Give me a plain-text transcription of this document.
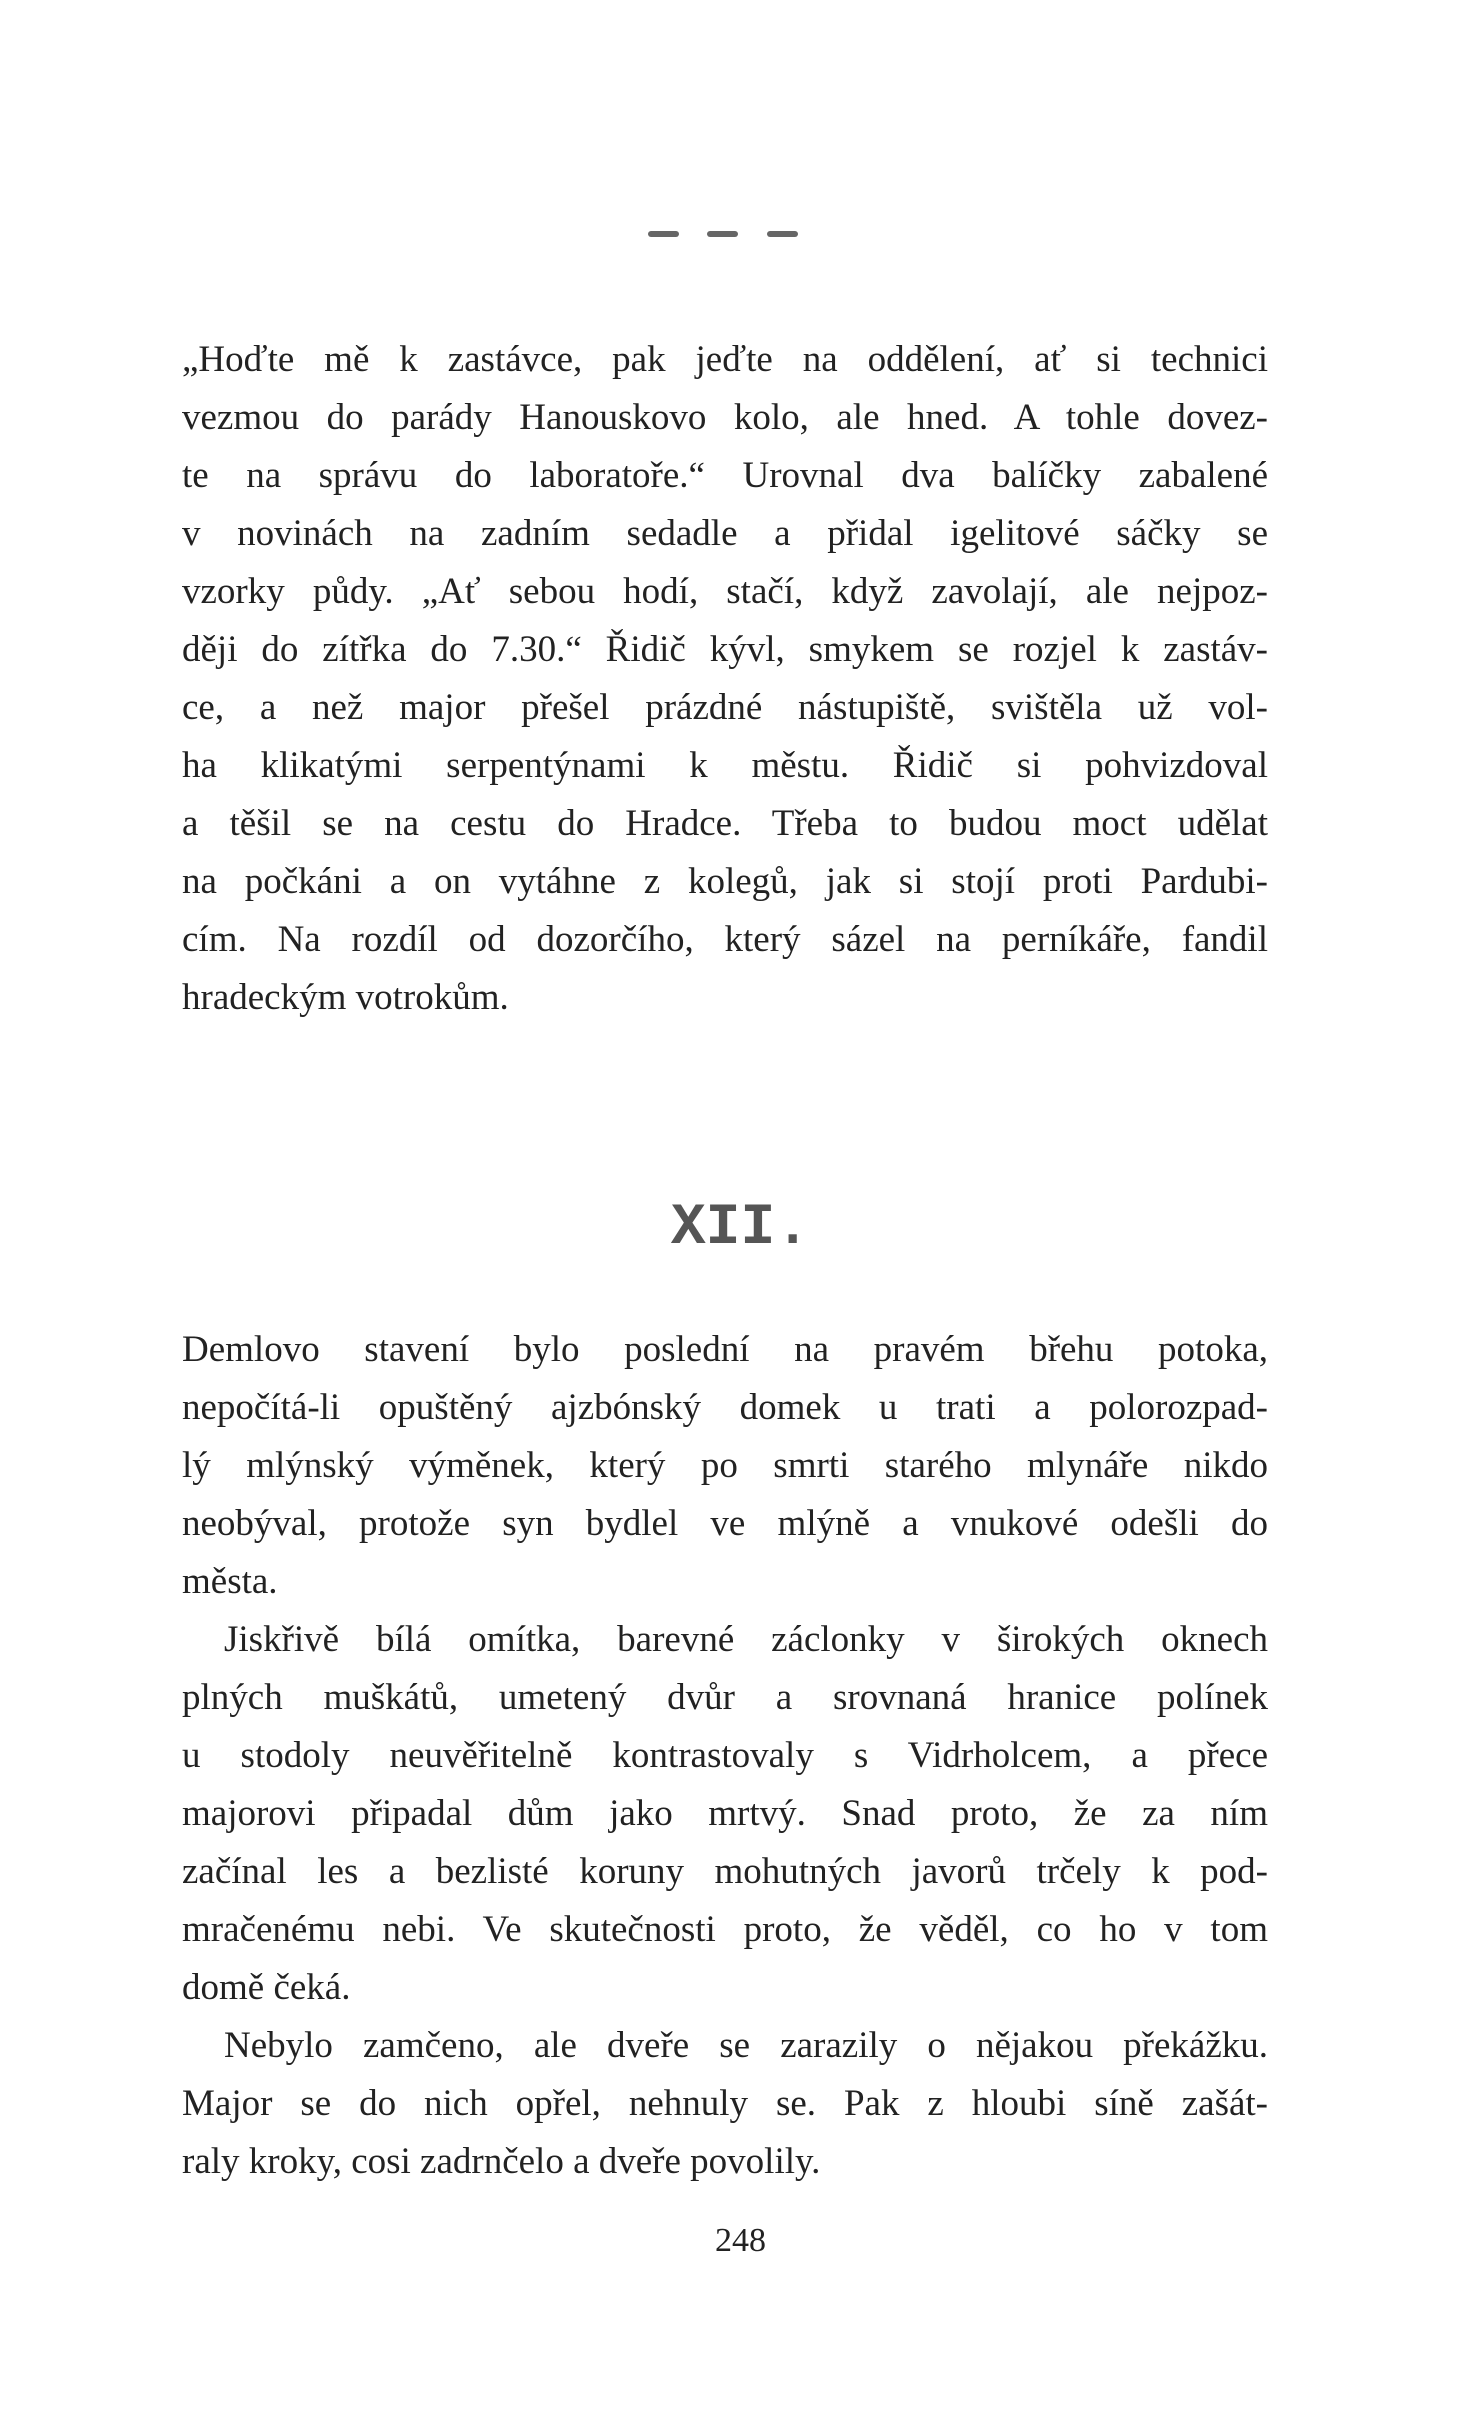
„Hoďte mě k zastávce, pak jeďte na oddělení, ať si technici
vezmou do parády Hanouskovo kolo, ale hned. A tohle dovez-
te na správu do laboratoře.“ Urovnal dva balíčky zabalené
v novinách na zadním sedadle a přidal igelitové sáčky se
vzorky půdy. „Ať sebou hodí, stačí, když zavolají, ale nejpoz-
ději do zítřka do 7.30.“ Řidič kývl, smykem se rozjel k zastáv-
ce, a než major přešel prázdné nástupiště, svištěla už vol-
ha klikatými serpentýnami k městu. Řidič si pohvizdoval
a těšil se na cestu do Hradce. Třeba to budou moct udělat
na počkáni a on vytáhne z kolegů, jak si stojí proti Pardubi-
cím. Na rozdíl od dozorčího, který sázel na perníkáře, fandil
hradeckým votrokům.
XII.
Demlovo stavení bylo poslední na pravém břehu potoka,
nepočítá-li opuštěný ajzbónský domek u trati a polorozpad-
lý mlýnský výměnek, který po smrti starého mlynáře nikdo
neobýval, protože syn bydlel ve mlýně a vnukové odešli do
města.
Jiskřivě bílá omítka, barevné záclonky v širokých oknech
plných muškátů, umetený dvůr a srovnaná hranice polínek
u stodoly neuvěřitelně kontrastovaly s Vidrholcem, a přece
majorovi připadal dům jako mrtvý. Snad proto, že za ním
začínal les a bezlisté koruny mohutných javorů trčely k pod-
mračenému nebi. Ve skutečnosti proto, že věděl, co ho v tom
domě čeká.
Nebylo zamčeno, ale dveře se zarazily o nějakou překážku.
Major se do nich opřel, nehnuly se. Pak z hloubi síně zašát-
raly kroky, cosi zadrnčelo a dveře povolily.
248
